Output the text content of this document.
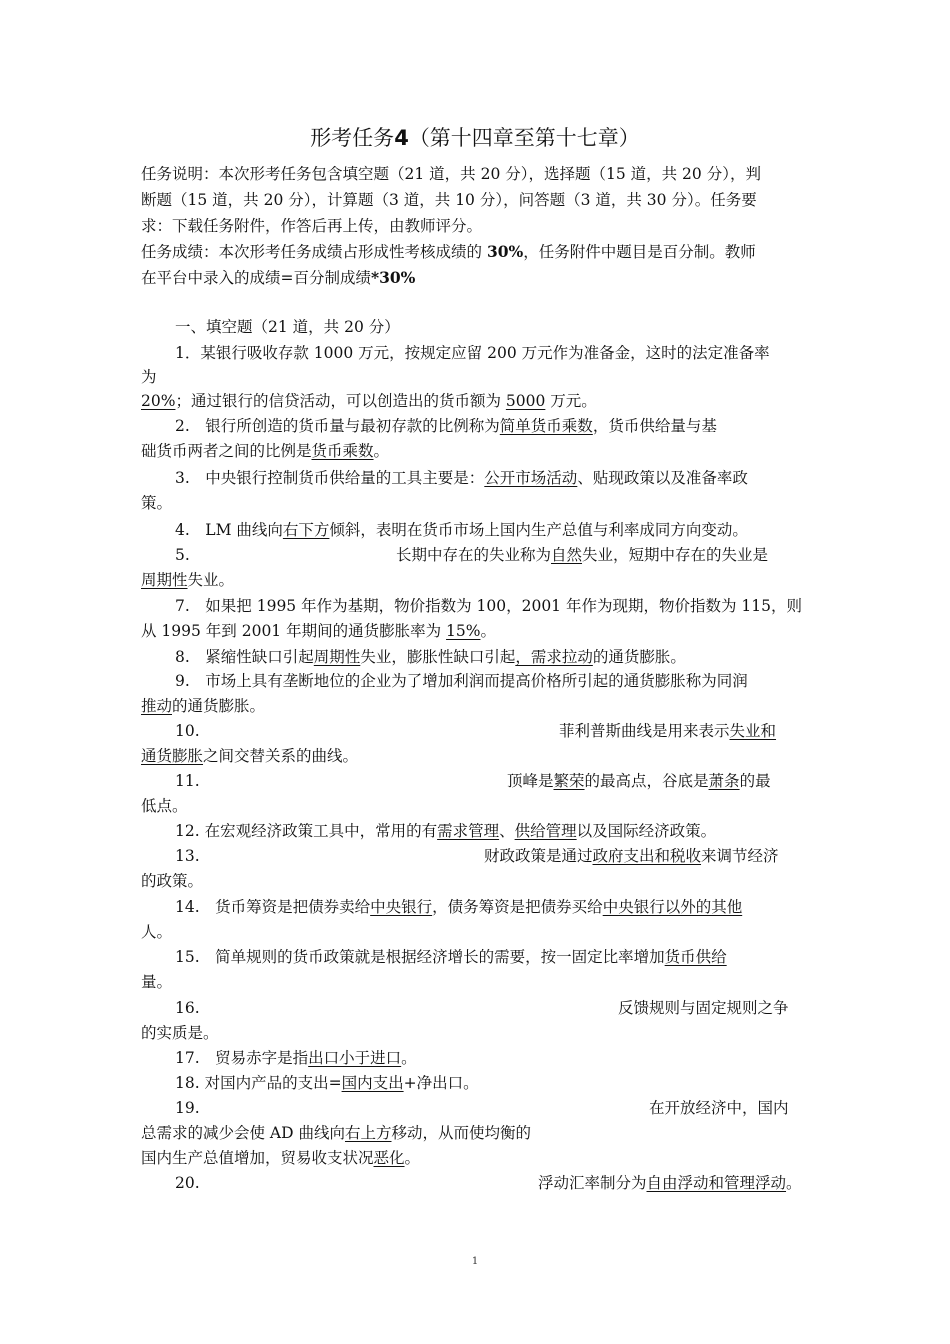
形考任务4（第十四章至第十七章）
任务说明：本次形考任务包含填空题（21 道，共 20 分），选择题（15 道，共 20 分），判
断题（15 道，共 20 分），计算题（3 道，共 10 分），问答题（3 道，共 30 分）。任务要
求：下载任务附件，作答后再上传，由教师评分。
任务成绩：本次形考任务成绩占形成性考核成绩的 30%，任务附件中题目是百分制。教师
在平台中录入的成绩=百分制成绩*30%
一、填空题（21 道，共 20 分）
1．某银行吸收存款 1000 万元，按规定应留 200 万元作为准备金，这时的法定准备率
为
20%；通过银行的信贷活动，可以创造出的货币额为 5000 万元。
2.　银行所创造的货币量与最初存款的比例称为简单货币乘数，货币供给量与基
础货币两者之间的比例是货币乘数。
3.　中央银行控制货币供给量的工具主要是：公开市场活动、贴现政策以及准备率政
策。
4.　LM 曲线向右下方倾斜，表明在货币市场上国内生产总值与利率成同方向变动。
5.	长期中存在的失业称为自然失业，短期中存在的失业是
周期性失业。
7.　如果把 1995 年作为基期，物价指数为 100，2001 年作为现期，物价指数为 115，则
从 1995 年到 2001 年期间的通货膨胀率为 15%。
8.　紧缩性缺口引起周期性失业，膨胀性缺口引起，需求拉动的通货膨胀。
9.　市场上具有垄断地位的企业为了增加利润而提高价格所引起的通货膨胀称为同润
推动的通货膨胀。
10.	菲利普斯曲线是用来表示失业和
通货膨胀之间交替关系的曲线。
11.	顶峰是繁荣的最高点，谷底是萧条的最
低点。
12. 在宏观经济政策工具中，常用的有需求管理、供给管理以及国际经济政策。
13.	财政政策是通过政府支出和税收来调节经济
的政策。
14.　货币筹资是把债券卖给中央银行，债务筹资是把债券买给中央银行以外的其他
人。
15.　简单规则的货币政策就是根据经济增长的需要，按一固定比率增加货币供给
量。
16.	反馈规则与固定规则之争
的实质是。
17.　贸易赤字是指出口小于进口。
18. 对国内产品的支出=国内支出+净出口。
19.	在开放经济中，国内
总需求的减少会使 AD 曲线向右上方移动，从而使均衡的
国内生产总值增加，贸易收支状况恶化。
20.	浮动汇率制分为自由浮动和管理浮动。
1
